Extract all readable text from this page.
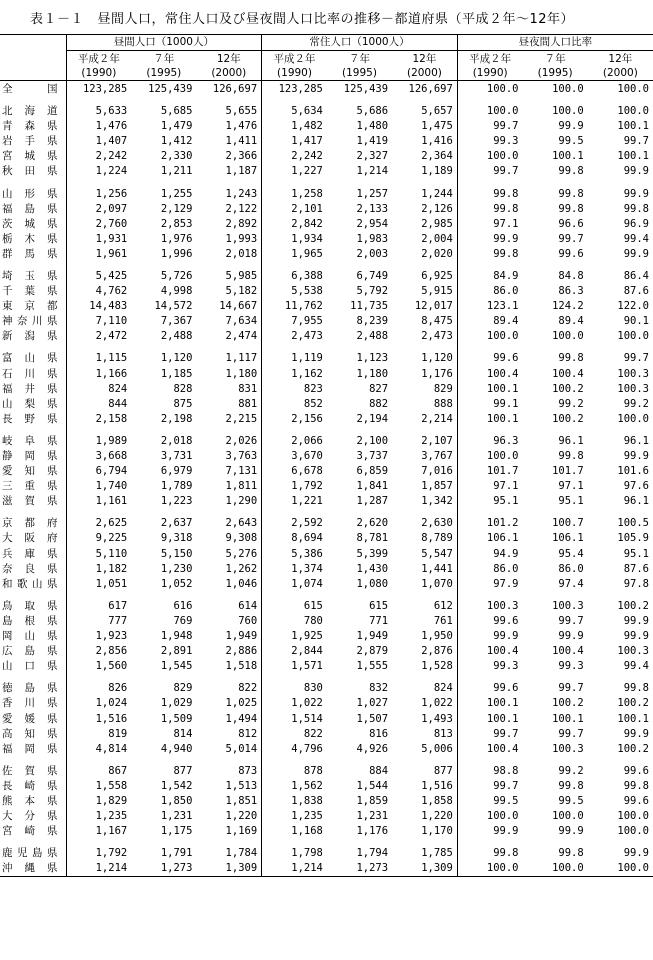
表１－１　昼間人口，常住人口及び昼夜間人口比率の推移－都道府県（平成２年～12年）
	昼間人口（1000人）			常住人口（1000人）			昼夜間人口比率		
	平成２年	７年	12年	平成２年	７年	12年	平成２年	７年	12年
	(1990)	(1995)	(2000)	(1990)	(1995)	(2000)	(1990)	(1995)	(2000)
全国	123,285	125,439	126,697	123,285	125,439	126,697	100.0	100.0	100.0

北海道	5,633	5,685	5,655	5,634	5,686	5,657	100.0	100.0	100.0
青森県	1,476	1,479	1,476	1,482	1,480	1,475	99.7	99.9	100.1
岩手県	1,407	1,412	1,411	1,417	1,419	1,416	99.3	99.5	99.7
宮城県	2,242	2,330	2,366	2,242	2,327	2,364	100.0	100.1	100.1
秋田県	1,224	1,211	1,187	1,227	1,214	1,189	99.7	99.8	99.9

山形県	1,256	1,255	1,243	1,258	1,257	1,244	99.8	99.8	99.9
福島県	2,097	2,129	2,122	2,101	2,133	2,126	99.8	99.8	99.8
茨城県	2,760	2,853	2,892	2,842	2,954	2,985	97.1	96.6	96.9
栃木県	1,931	1,976	1,993	1,934	1,983	2,004	99.9	99.7	99.4
群馬県	1,961	1,996	2,018	1,965	2,003	2,020	99.8	99.6	99.9

埼玉県	5,425	5,726	5,985	6,388	6,749	6,925	84.9	84.8	86.4
千葉県	4,762	4,998	5,182	5,538	5,792	5,915	86.0	86.3	87.6
東京都	14,483	14,572	14,667	11,762	11,735	12,017	123.1	124.2	122.0
神奈川県	7,110	7,367	7,634	7,955	8,239	8,475	89.4	89.4	90.1
新潟県	2,472	2,488	2,474	2,473	2,488	2,473	100.0	100.0	100.0

富山県	1,115	1,120	1,117	1,119	1,123	1,120	99.6	99.8	99.7
石川県	1,166	1,185	1,180	1,162	1,180	1,176	100.4	100.4	100.3
福井県	824	828	831	823	827	829	100.1	100.2	100.3
山梨県	844	875	881	852	882	888	99.1	99.2	99.2
長野県	2,158	2,198	2,215	2,156	2,194	2,214	100.1	100.2	100.0

岐阜県	1,989	2,018	2,026	2,066	2,100	2,107	96.3	96.1	96.1
静岡県	3,668	3,731	3,763	3,670	3,737	3,767	100.0	99.8	99.9
愛知県	6,794	6,979	7,131	6,678	6,859	7,016	101.7	101.7	101.6
三重県	1,740	1,789	1,811	1,792	1,841	1,857	97.1	97.1	97.6
滋賀県	1,161	1,223	1,290	1,221	1,287	1,342	95.1	95.1	96.1

京都府	2,625	2,637	2,643	2,592	2,620	2,630	101.2	100.7	100.5
大阪府	9,225	9,318	9,308	8,694	8,781	8,789	106.1	106.1	105.9
兵庫県	5,110	5,150	5,276	5,386	5,399	5,547	94.9	95.4	95.1
奈良県	1,182	1,230	1,262	1,374	1,430	1,441	86.0	86.0	87.6
和歌山県	1,051	1,052	1,046	1,074	1,080	1,070	97.9	97.4	97.8

鳥取県	617	616	614	615	615	612	100.3	100.3	100.2
島根県	777	769	760	780	771	761	99.6	99.7	99.9
岡山県	1,923	1,948	1,949	1,925	1,949	1,950	99.9	99.9	99.9
広島県	2,856	2,891	2,886	2,844	2,879	2,876	100.4	100.4	100.3
山口県	1,560	1,545	1,518	1,571	1,555	1,528	99.3	99.3	99.4

徳島県	826	829	822	830	832	824	99.6	99.7	99.8
香川県	1,024	1,029	1,025	1,022	1,027	1,022	100.1	100.2	100.2
愛媛県	1,516	1,509	1,494	1,514	1,507	1,493	100.1	100.1	100.1
高知県	819	814	812	822	816	813	99.7	99.7	99.9
福岡県	4,814	4,940	5,014	4,796	4,926	5,006	100.4	100.3	100.2

佐賀県	867	877	873	878	884	877	98.8	99.2	99.6
長崎県	1,558	1,542	1,513	1,562	1,544	1,516	99.7	99.8	99.8
熊本県	1,829	1,850	1,851	1,838	1,859	1,858	99.5	99.5	99.6
大分県	1,235	1,231	1,220	1,235	1,231	1,220	100.0	100.0	100.0
宮崎県	1,167	1,175	1,169	1,168	1,176	1,170	99.9	99.9	100.0

鹿児島県	1,792	1,791	1,784	1,798	1,794	1,785	99.8	99.8	99.9
沖縄県	1,214	1,273	1,309	1,214	1,273	1,309	100.0	100.0	100.0
